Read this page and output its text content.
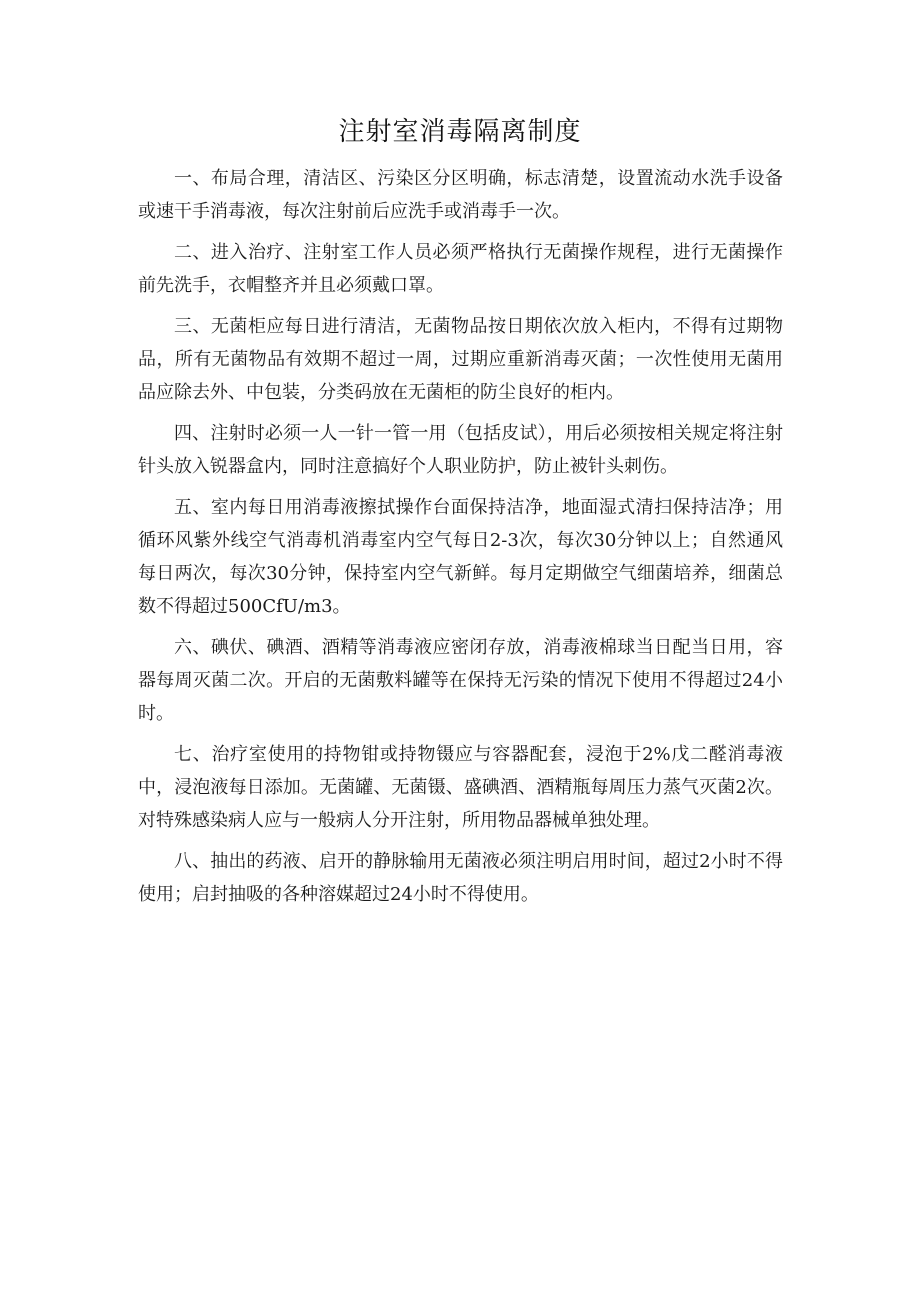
注射室消毒隔离制度

一、布局合理，清洁区、污染区分区明确，标志清楚，设置流动水洗手设备或速干手消毒液，每次注射前后应洗手或消毒手一次。

二、进入治疗、注射室工作人员必须严格执行无菌操作规程，进行无菌操作前先洗手，衣帽整齐并且必须戴口罩。

三、无菌柜应每日进行清洁，无菌物品按日期依次放入柜内，不得有过期物品，所有无菌物品有效期不超过一周，过期应重新消毒灭菌；一次性使用无菌用品应除去外、中包装，分类码放在无菌柜的防尘良好的柜内。

四、注射时必须一人一针一管一用（包括皮试），用后必须按相关规定将注射针头放入锐器盒内，同时注意搞好个人职业防护，防止被针头刺伤。

五、室内每日用消毒液擦拭操作台面保持洁净，地面湿式清扫保持洁净；用循环风紫外线空气消毒机消毒室内空气每日2-3次，每次30分钟以上；自然通风每日两次，每次30分钟，保持室内空气新鲜。每月定期做空气细菌培养，细菌总数不得超过500CfU/m3。

六、碘伏、碘酒、酒精等消毒液应密闭存放，消毒液棉球当日配当日用，容器每周灭菌二次。开启的无菌敷料罐等在保持无污染的情况下使用不得超过24小时。

七、治疗室使用的持物钳或持物镊应与容器配套，浸泡于2%戊二醛消毒液中，浸泡液每日添加。无菌罐、无菌镊、盛碘酒、酒精瓶每周压力蒸气灭菌2次。对特殊感染病人应与一般病人分开注射，所用物品器械单独处理。

八、抽出的药液、启开的静脉输用无菌液必须注明启用时间，超过2小时不得使用；启封抽吸的各种溶媒超过24小时不得使用。
